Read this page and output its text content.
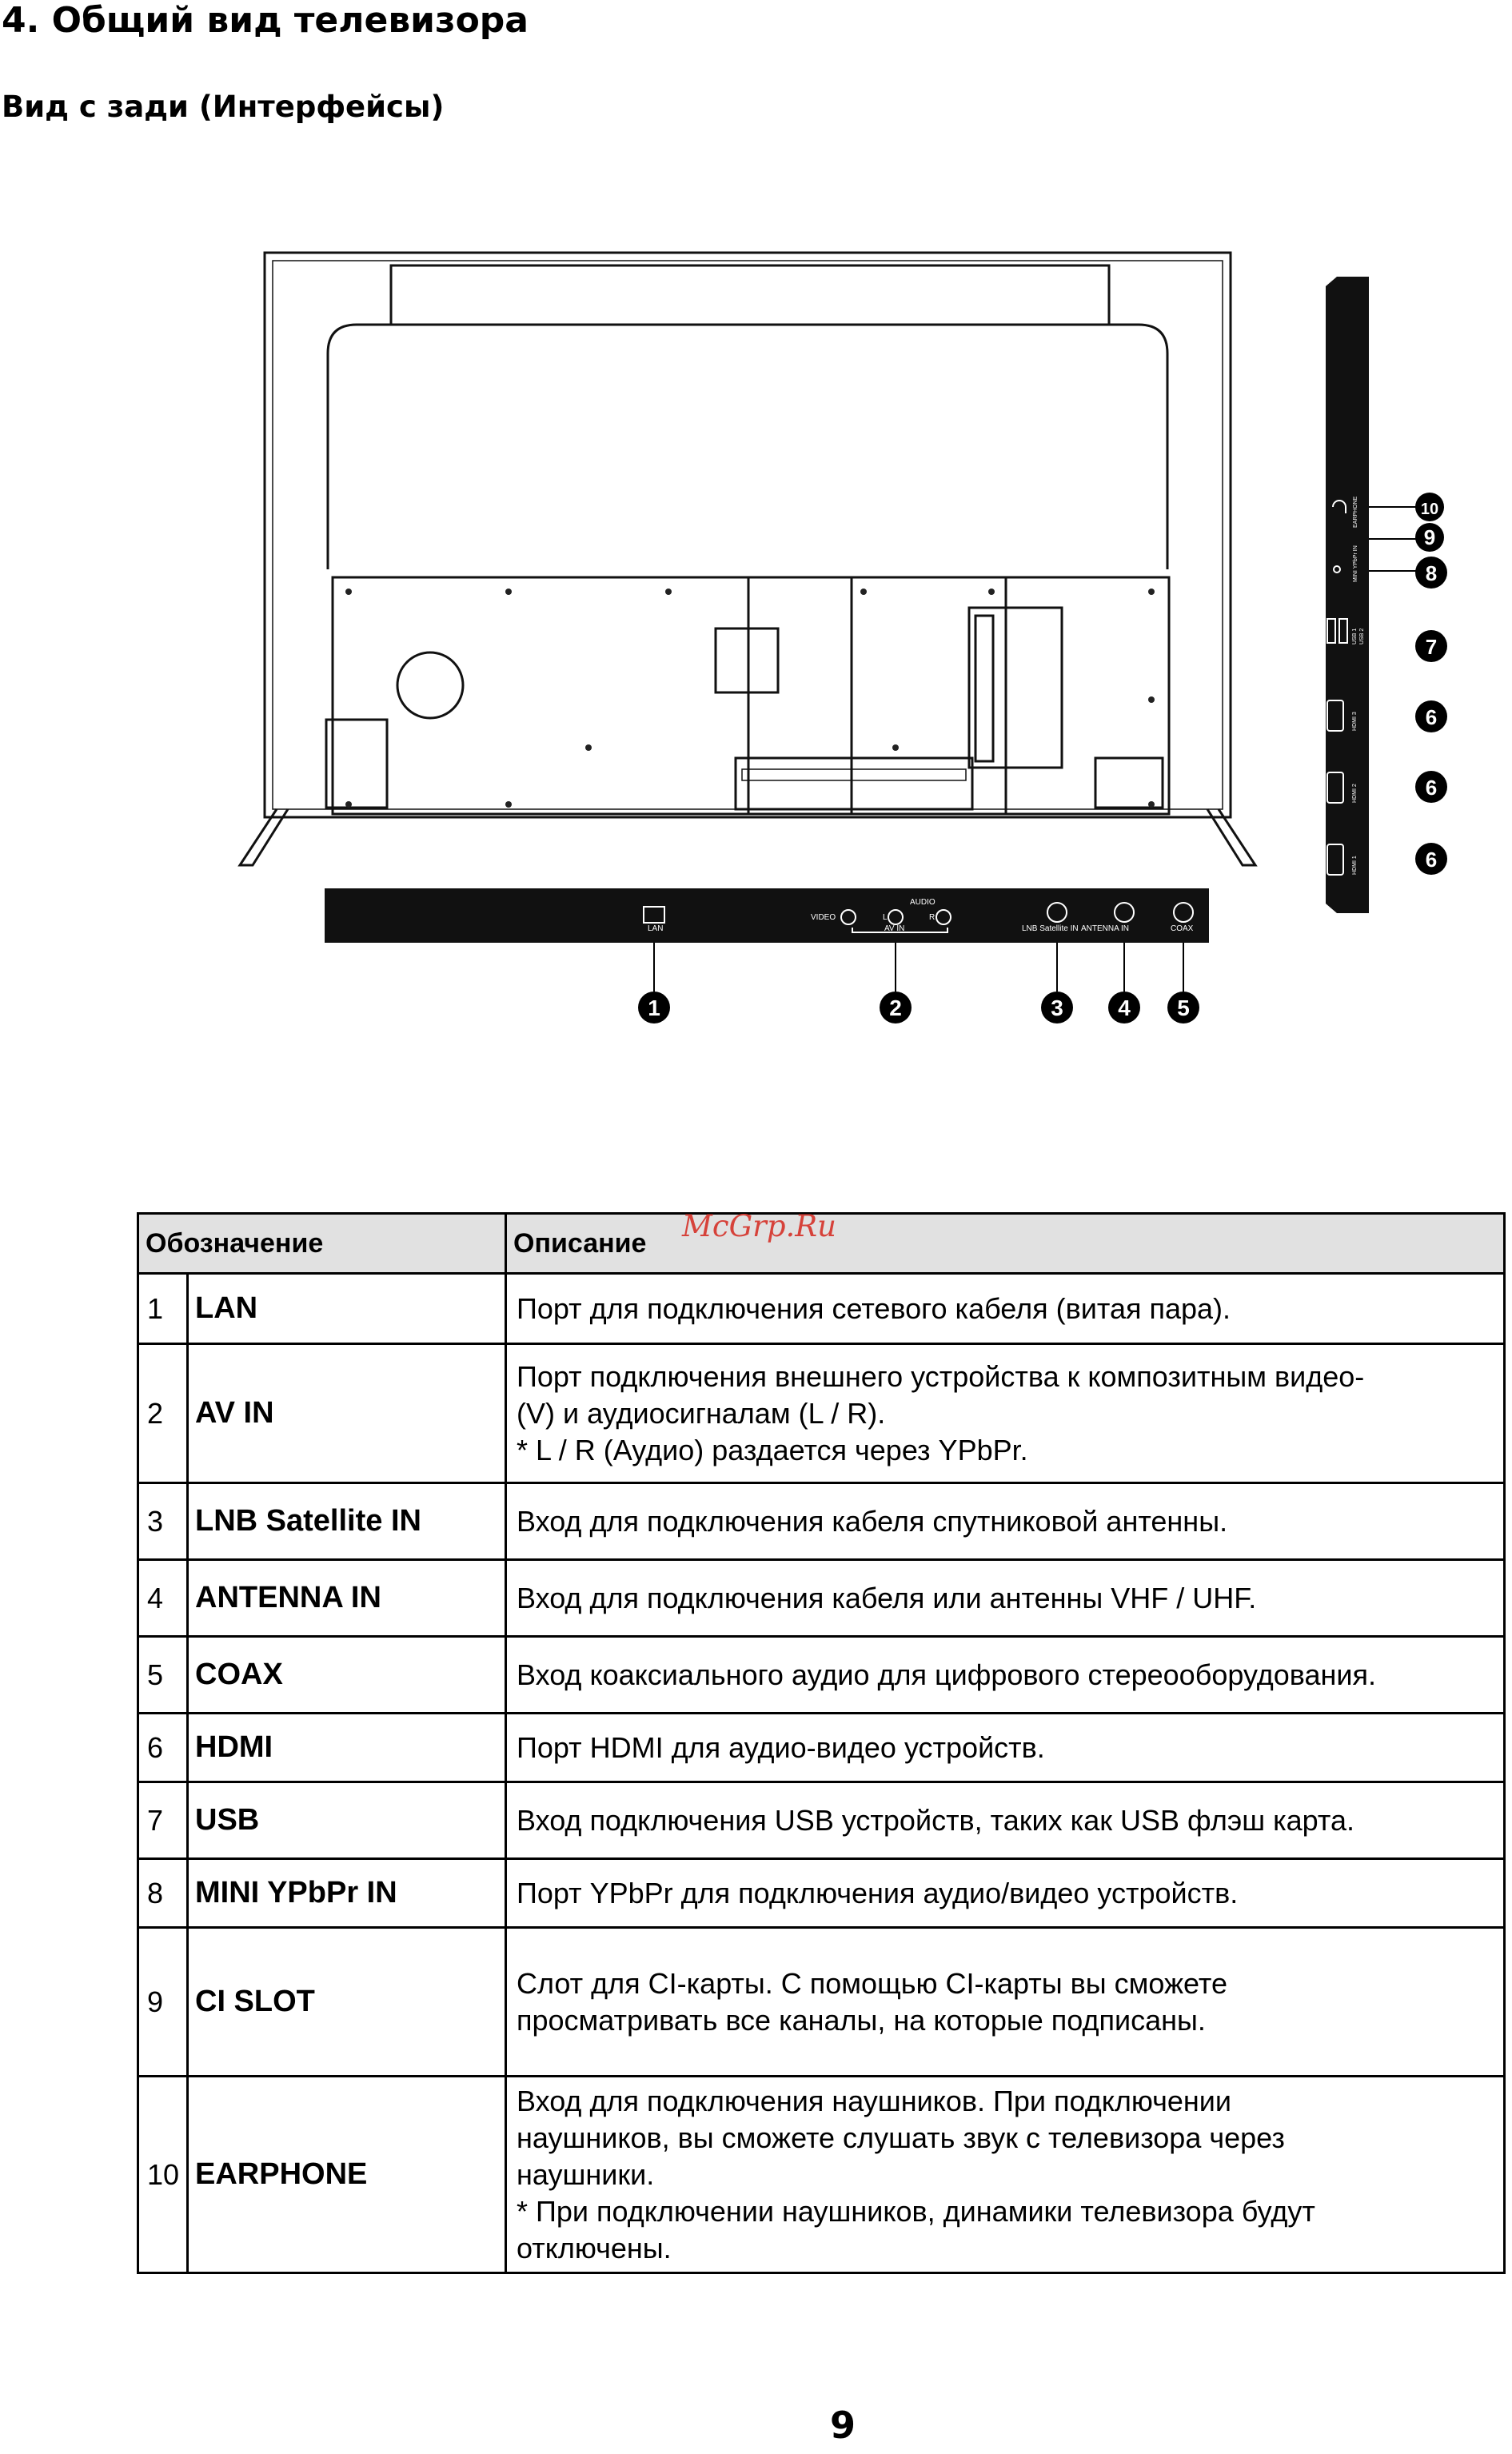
4. Общий вид телевизора
Вид с зади (Интерфейсы)
LAN
VIDEO
AUDIO
L	R
AV IN	LNB Satellite IN ANTENNA IN	COAX
1	2	3 4 5
CI SLOT
EARPHONE
MINI YPbPr IN
USB 1 USB 2
HDMI 3
HDMI 2
HDMI 1
10
9
8
7
6
6
6
Обозначение		Описание
1	LAN	Порт для подключения сетевого кабеля (витая пара).

2	AV IN	Порт подключения внешнего устройства к композитным видео-
(V) и аудиосигналам (L / R).
* L / R (Аудио) раздается через YPbPr.

3	LNB Satellite IN	Вход для подключения кабеля спутниковой антенны.

4	ANTENNA IN	Вход для подключения кабеля или антенны VHF / UHF.

5	COAX	Вход коаксиального аудио для цифрового стереооборудования.

6	HDMI	Порт HDMI для аудио-видео устройств.

7	USB	Вход подключения USB устройств, таких как USB флэш карта.

8	MINI YPbPr IN	Порт YPbPr для подключения аудио/видео устройств.

9	CI SLOT	Слот для CI-карты. С помощью CI-карты вы сможете
просматривать все каналы, на которые подписаны.

10	EARPHONE	Вход для подключения наушников. При подключении
наушников, вы сможете слушать звук с телевизора через
наушники.
* При подключении наушников, динамики телевизора будут
отключены.
McGrp.Ru
9
